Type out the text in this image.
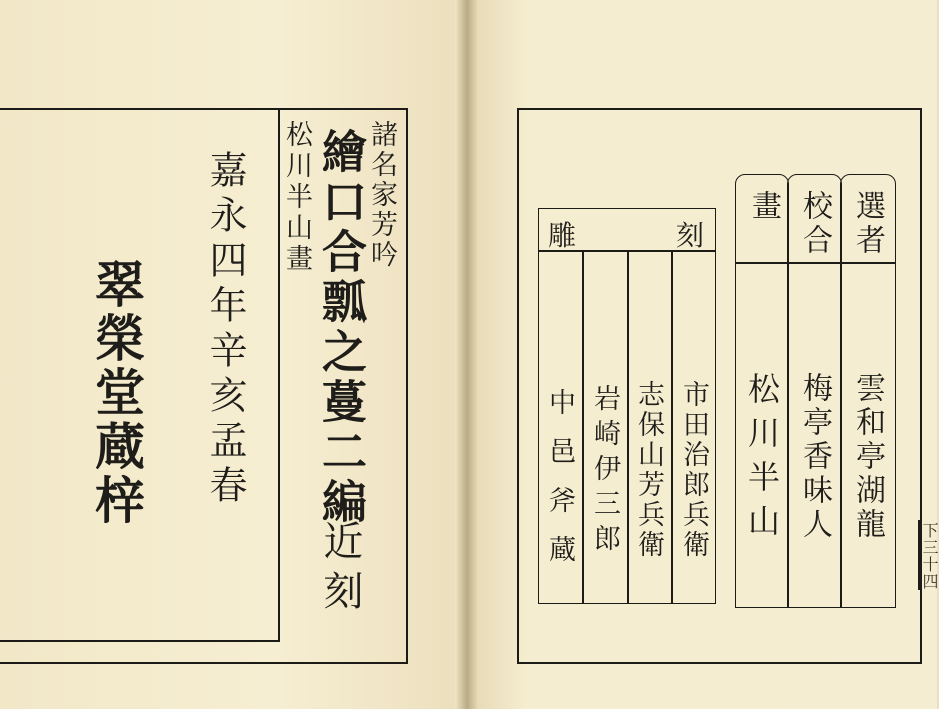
諸名家芳吟
松川半山畫 繪口合瓢之蔓二編
近刻
嘉永四年辛亥孟春
翠榮堂蔵梓
選者
雲和亭湖龍
校合
梅亭香味人
畫
松川半山
雕 刻
市田治郎兵衛
志保山芳兵衛
岩崎伊三郎
中邑斧蔵	下三十四
